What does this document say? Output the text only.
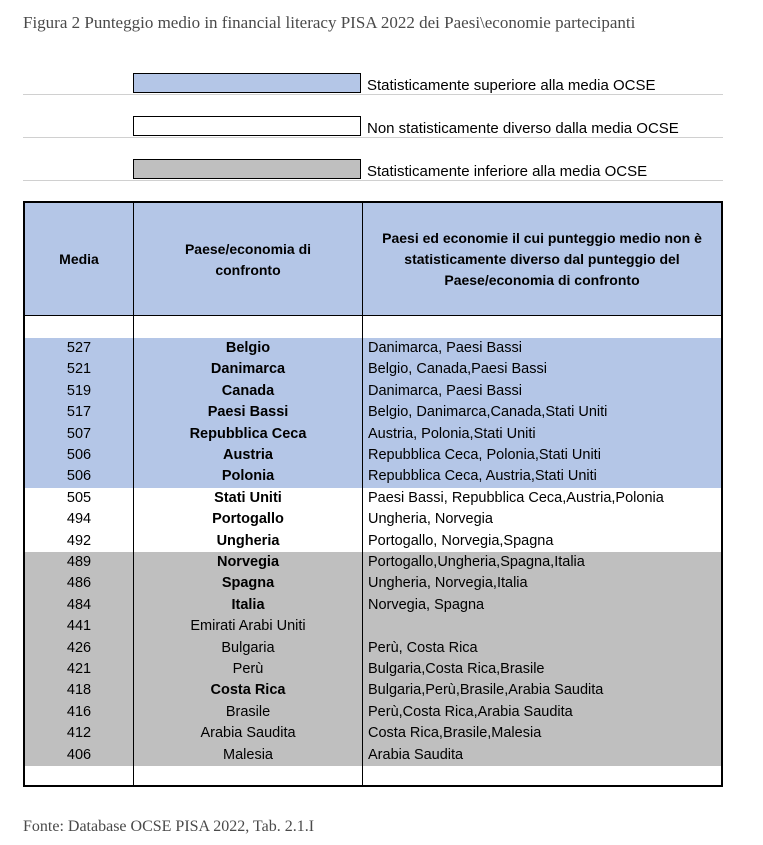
Figura 2 Punteggio medio in financial literacy PISA 2022 dei Paesi\economie partecipanti
Statisticamente superiore alla media OCSE
Non statisticamente diverso dalla media OCSE
Statisticamente inferiore alla media OCSE
Media
Paese/economia di confronto
Paesi ed economie il cui punteggio medio non è statisticamente diverso dal punteggio del Paese/economia di confronto
527	Belgio	Danimarca, Paesi Bassi
521	Danimarca	Belgio, Canada,Paesi Bassi
519	Canada	Danimarca, Paesi Bassi
517	Paesi Bassi	Belgio, Danimarca,Canada,Stati Uniti
507	Repubblica Ceca	Austria, Polonia,Stati Uniti
506	Austria	Repubblica Ceca, Polonia,Stati Uniti
506	Polonia	Repubblica Ceca, Austria,Stati Uniti
505	Stati Uniti	Paesi Bassi, Repubblica Ceca,Austria,Polonia
494	Portogallo	Ungheria, Norvegia
492	Ungheria	Portogallo, Norvegia,Spagna
489	Norvegia	Portogallo,Ungheria,Spagna,Italia
486	Spagna	Ungheria, Norvegia,Italia
484	Italia	Norvegia, Spagna
441	Emirati Arabi Uniti
426	Bulgaria	Perù, Costa Rica
421	Perù	Bulgaria,Costa Rica,Brasile
418	Costa Rica	Bulgaria,Perù,Brasile,Arabia Saudita
416	Brasile	Perù,Costa Rica,Arabia Saudita
412	Arabia Saudita	Costa Rica,Brasile,Malesia
406	Malesia	Arabia Saudita
Fonte: Database OCSE PISA 2022, Tab. 2.1.I
